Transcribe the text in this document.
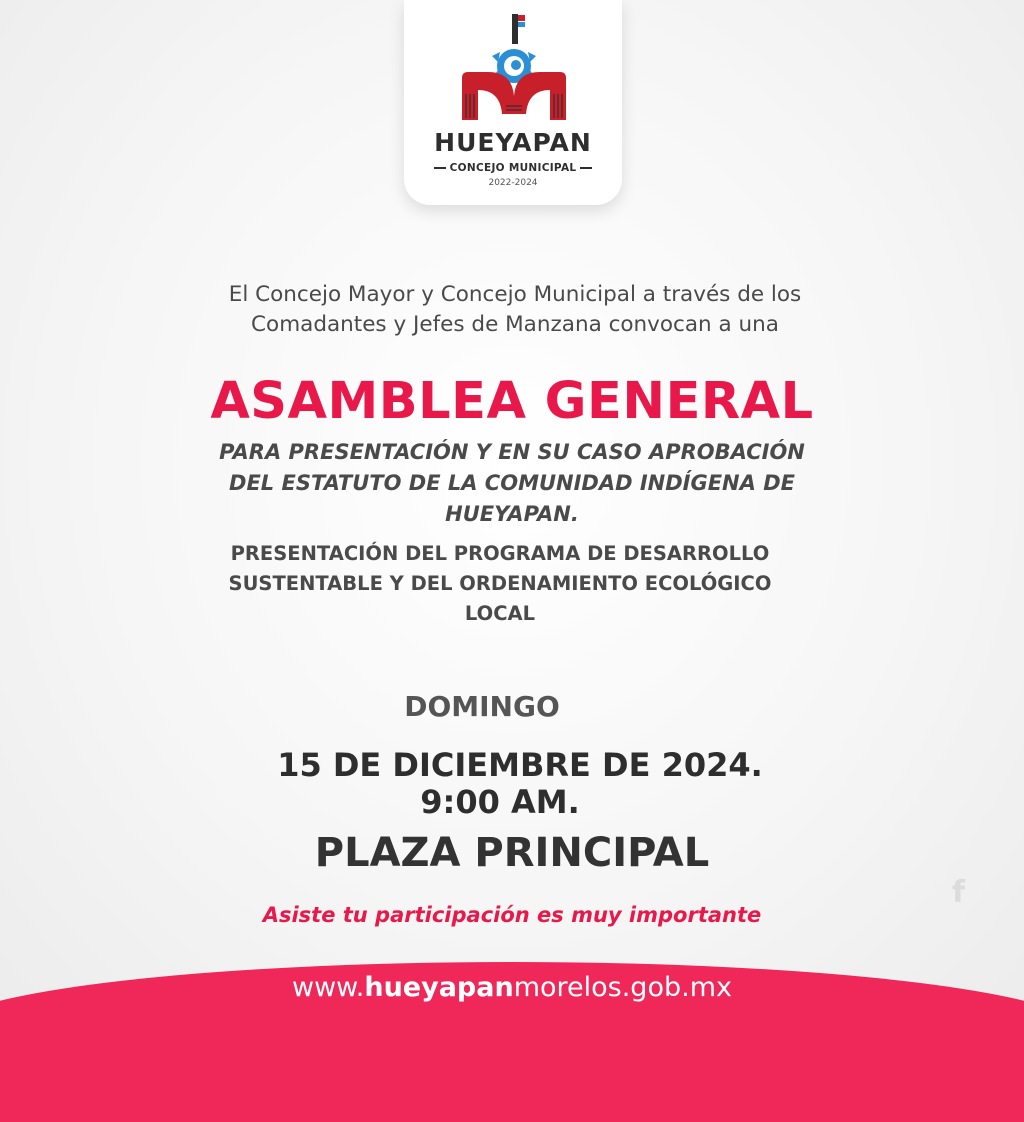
HUEYAPAN
CONCEJO MUNICIPAL
2022-2024
El Concejo Mayor y Concejo Municipal a través de los
Comadantes y Jefes de Manzana convocan a una
ASAMBLEA GENERAL
PARA PRESENTACIÓN Y EN SU CASO APROBACIÓN
DEL ESTATUTO DE LA COMUNIDAD INDÍGENA DE
HUEYAPAN.
PRESENTACIÓN DEL PROGRAMA DE DESARROLLO
SUSTENTABLE Y DEL ORDENAMIENTO ECOLÓGICO
LOCAL
DOMINGO
15 DE DICIEMBRE DE 2024.
9:00 AM.
PLAZA PRINCIPAL
Asiste tu participación es muy importante
f
www.hueyapanmorelos.gob.mx
